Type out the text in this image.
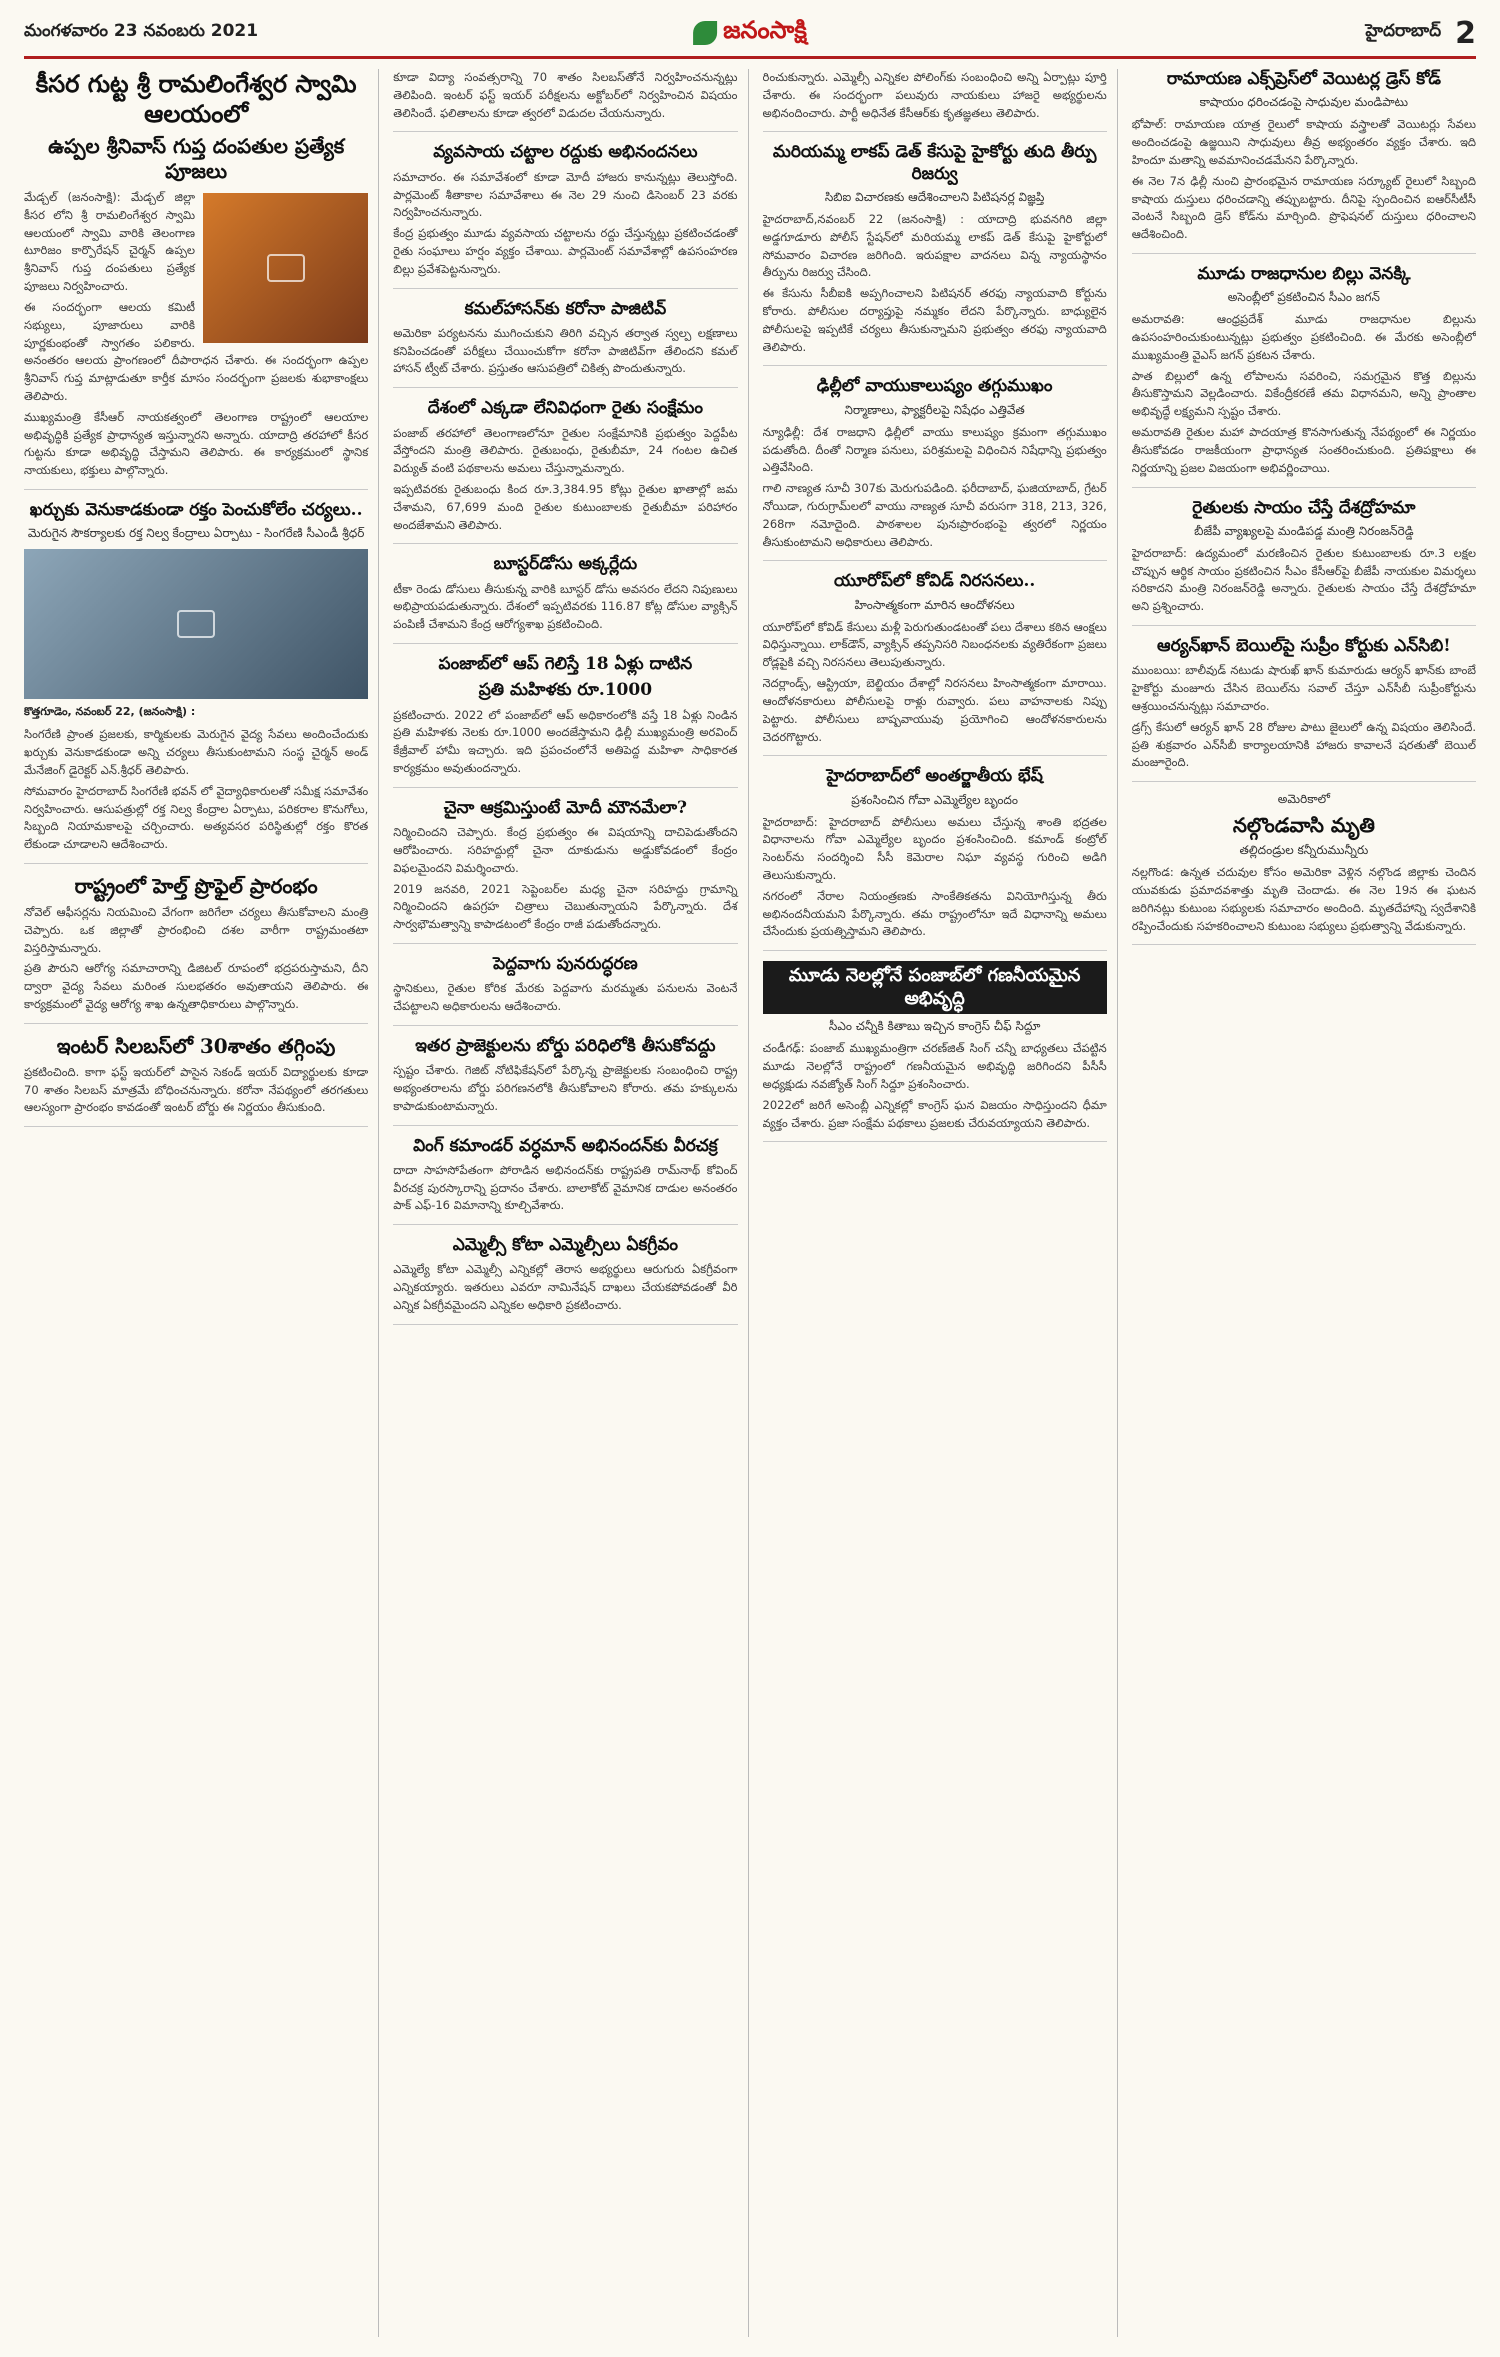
మంగళవారం 23 నవంబరు 2021	జనంసాక్షి	హైదరాబాద్ 2
కీసర గుట్ట శ్రీ రామలింగేశ్వర స్వామి ఆలయంలో
ఉప్పల శ్రీనివాస్ గుప్త దంపతుల ప్రత్యేక పూజలు

మేడ్చల్ (జనంసాక్షి): మేడ్చల్ జిల్లా కీసర లోని శ్రీ రామలింగేశ్వర స్వామి ఆలయంలో స్వామి వారికి తెలంగాణ టూరిజం కార్పొరేషన్ చైర్మన్ ఉప్పల శ్రీనివాస్ గుప్త దంపతులు ప్రత్యేక పూజలు నిర్వహించారు.

ఈ సందర్భంగా ఆలయ కమిటీ సభ్యులు, పూజారులు వారికి పూర్ణకుంభంతో స్వాగతం పలికారు. అనంతరం ఆలయ ప్రాంగణంలో దీపారాధన చేశారు. ఈ సందర్భంగా ఉప్పల శ్రీనివాస్ గుప్త మాట్లాడుతూ కార్తీక మాసం సందర్భంగా ప్రజలకు శుభాకాంక్షలు తెలిపారు.

ముఖ్యమంత్రి కేసీఆర్ నాయకత్వంలో తెలంగాణ రాష్ట్రంలో ఆలయాల అభివృద్ధికి ప్రత్యేక ప్రాధాన్యత ఇస్తున్నారని అన్నారు. యాదాద్రి తరహాలో కీసర గుట్టను కూడా అభివృద్ధి చేస్తామని తెలిపారు. ఈ కార్యక్రమంలో స్థానిక నాయకులు, భక్తులు పాల్గొన్నారు.

ఖర్చుకు వెనుకాడకుండా రక్తం పెంచుకోలేం చర్యలు..
మెరుగైన సౌకర్యాలకు రక్త నిల్వ కేంద్రాలు ఏర్పాటు - సింగరేణి సీఎండీ శ్రీధర్
కొత్తగూడెం, నవంబర్ 22, (జనంసాక్షి) :

సింగరేణి ప్రాంత ప్రజలకు, కార్మికులకు మెరుగైన వైద్య సేవలు అందించేందుకు ఖర్చుకు వెనుకాడకుండా అన్ని చర్యలు తీసుకుంటామని సంస్థ చైర్మన్ అండ్ మేనేజింగ్ డైరెక్టర్ ఎన్.శ్రీధర్ తెలిపారు.

సోమవారం హైదరాబాద్ సింగరేణి భవన్ లో వైద్యాధికారులతో సమీక్ష సమావేశం నిర్వహించారు. ఆసుపత్రుల్లో రక్త నిల్వ కేంద్రాల ఏర్పాటు, పరికరాల కొనుగోలు, సిబ్బంది నియామకాలపై చర్చించారు. అత్యవసర పరిస్థితుల్లో రక్తం కొరత లేకుండా చూడాలని ఆదేశించారు.

రాష్ట్రంలో హెల్త్ ప్రొఫైల్ ప్రారంభం

నోవెల్ ఆఫీసర్లను నియమించి వేగంగా జరిగేలా చర్యలు తీసుకోవాలని మంత్రి చెప్పారు. ఒక జిల్లాతో ప్రారంభించి దశల వారీగా రాష్ట్రమంతటా విస్తరిస్తామన్నారు.

ప్రతి పౌరుని ఆరోగ్య సమాచారాన్ని డిజిటల్ రూపంలో భద్రపరుస్తామని, దీని ద్వారా వైద్య సేవలు మరింత సులభతరం అవుతాయని తెలిపారు. ఈ కార్యక్రమంలో వైద్య ఆరోగ్య శాఖ ఉన్నతాధికారులు పాల్గొన్నారు.

ఇంటర్ సిలబస్‌లో 30శాతం తగ్గింపు

ప్రకటించింది. కాగా ఫస్ట్ ఇయర్‌లో పాసైన సెకండ్ ఇయర్ విద్యార్థులకు కూడా 70 శాతం సిలబస్ మాత్రమే బోధించనున్నారు. కరోనా నేపథ్యంలో తరగతులు ఆలస్యంగా ప్రారంభం కావడంతో ఇంటర్ బోర్డు ఈ నిర్ణయం తీసుకుంది.

కూడా విద్యా సంవత్సరాన్ని 70 శాతం సిలబస్‌తోనే నిర్వహించనున్నట్లు తెలిపింది. ఇంటర్ ఫస్ట్ ఇయర్ పరీక్షలను అక్టోబర్‌లో నిర్వహించిన విషయం తెలిసిందే. ఫలితాలను కూడా త్వరలో విడుదల చేయనున్నారు.

వ్యవసాయ చట్టాల రద్దుకు అభినందనలు

సమాచారం. ఈ సమావేశంలో కూడా మోదీ హాజరు కానున్నట్లు తెలుస్తోంది. పార్లమెంట్ శీతాకాల సమావేశాలు ఈ నెల 29 నుంచి డిసెంబర్ 23 వరకు నిర్వహించనున్నారు.

కేంద్ర ప్రభుత్వం మూడు వ్యవసాయ చట్టాలను రద్దు చేస్తున్నట్లు ప్రకటించడంతో రైతు సంఘాలు హర్షం వ్యక్తం చేశాయి. పార్లమెంట్ సమావేశాల్లో ఉపసంహరణ బిల్లు ప్రవేశపెట్టనున్నారు.

కమల్‌హాసన్‌కు కరోనా పాజిటివ్

అమెరికా పర్యటనను ముగించుకుని తిరిగి వచ్చిన తర్వాత స్వల్ప లక్షణాలు కనిపించడంతో పరీక్షలు చేయించుకోగా కరోనా పాజిటివ్‌గా తేలిందని కమల్ హాసన్ ట్వీట్ చేశారు. ప్రస్తుతం ఆసుపత్రిలో చికిత్స పొందుతున్నారు.

దేశంలో ఎక్కడా లేనివిధంగా రైతు సంక్షేమం

పంజాబ్ తరహాలో తెలంగాణలోనూ రైతుల సంక్షేమానికి ప్రభుత్వం పెద్దపీట వేస్తోందని మంత్రి తెలిపారు. రైతుబంధు, రైతుబీమా, 24 గంటల ఉచిత విద్యుత్ వంటి పథకాలను అమలు చేస్తున్నామన్నారు.

ఇప్పటివరకు రైతుబంధు కింద రూ.3,384.95 కోట్లు రైతుల ఖాతాల్లో జమ చేశామని, 67,699 మంది రైతుల కుటుంబాలకు రైతుబీమా పరిహారం అందజేశామని తెలిపారు.

బూస్టర్‌డోసు అక్కర్లేదు

టీకా రెండు డోసులు తీసుకున్న వారికి బూస్టర్ డోసు అవసరం లేదని నిపుణులు అభిప్రాయపడుతున్నారు. దేశంలో ఇప్పటివరకు 116.87 కోట్ల డోసుల వ్యాక్సిన్ పంపిణీ చేశామని కేంద్ర ఆరోగ్యశాఖ ప్రకటించింది.

పంజాబ్‌లో ఆప్ గెలిస్తే 18 ఏళ్లు దాటిన
ప్రతి మహిళకు రూ.1000

ప్రకటించారు. 2022 లో పంజాబ్‌లో ఆప్ అధికారంలోకి వస్తే 18 ఏళ్లు నిండిన ప్రతి మహిళకు నెలకు రూ.1000 అందజేస్తామని ఢిల్లీ ముఖ్యమంత్రి అరవింద్ కేజ్రీవాల్ హామీ ఇచ్చారు. ఇది ప్రపంచంలోనే అతిపెద్ద మహిళా సాధికారత కార్యక్రమం అవుతుందన్నారు.

చైనా ఆక్రమిస్తుంటే మోదీ మౌనమేలా?

నిర్మించిందని చెప్పారు. కేంద్ర ప్రభుత్వం ఈ విషయాన్ని దాచిపెడుతోందని ఆరోపించారు. సరిహద్దుల్లో చైనా దూకుడును అడ్డుకోవడంలో కేంద్రం విఫలమైందని విమర్శించారు.

2019 జనవరి, 2021 సెప్టెంబర్‌ల మధ్య చైనా సరిహద్దు గ్రామాన్ని నిర్మించిందని ఉపగ్రహ చిత్రాలు చెబుతున్నాయని పేర్కొన్నారు. దేశ సార్వభౌమత్వాన్ని కాపాడటంలో కేంద్రం రాజీ పడుతోందన్నారు.

పెద్దవాగు పునరుద్ధరణ

స్థానికులు, రైతుల కోరిక మేరకు పెద్దవాగు మరమ్మతు పనులను వెంటనే చేపట్టాలని అధికారులను ఆదేశించారు.

ఇతర ప్రాజెక్టులను బోర్డు పరిధిలోకి తీసుకోవద్దు

స్పష్టం చేశారు. గెజిట్ నోటిఫికేషన్‌లో పేర్కొన్న ప్రాజెక్టులకు సంబంధించి రాష్ట్ర అభ్యంతరాలను బోర్డు పరిగణనలోకి తీసుకోవాలని కోరారు. తమ హక్కులను కాపాడుకుంటామన్నారు.

వింగ్ కమాండర్ వర్ధమాన్ అభినందన్‌కు వీరచక్ర

దాదా సాహసోపేతంగా పోరాడిన అభినందన్‌కు రాష్ట్రపతి రామ్‌నాథ్ కోవింద్ వీరచక్ర పురస్కారాన్ని ప్రదానం చేశారు. బాలాకోట్ వైమానిక దాడుల అనంతరం పాక్ ఎఫ్-16 విమానాన్ని కూల్చివేశారు.

ఎమ్మెల్సీ కోటా ఎమ్మెల్సీలు ఏకగ్రీవం

ఎమ్మెల్యే కోటా ఎమ్మెల్సీ ఎన్నికల్లో తెరాస అభ్యర్థులు ఆరుగురు ఏకగ్రీవంగా ఎన్నికయ్యారు. ఇతరులు ఎవరూ నామినేషన్ దాఖలు చేయకపోవడంతో వీరి ఎన్నిక ఏకగ్రీవమైందని ఎన్నికల అధికారి ప్రకటించారు.

రించుకున్నారు. ఎమ్మెల్సీ ఎన్నికల పోలింగ్‌కు సంబంధించి అన్ని ఏర్పాట్లు పూర్తి చేశారు. ఈ సందర్భంగా పలువురు నాయకులు హాజరై అభ్యర్థులను అభినందించారు. పార్టీ అధినేత కేసీఆర్‌కు కృతజ్ఞతలు తెలిపారు.

మరియమ్మ లాకప్ డెత్ కేసుపై హైకోర్టు తుది తీర్పు రిజర్వు
సిబిఐ విచారణకు ఆదేశించాలని పిటిషనర్ల విజ్ఞప్తి

హైదరాబాద్,నవంబర్ 22 (జనంసాక్షి) : యాదాద్రి భువనగిరి జిల్లా అడ్డగూడూరు పోలీస్ స్టేషన్‌లో మరియమ్మ లాకప్ డెత్ కేసుపై హైకోర్టులో సోమవారం విచారణ జరిగింది. ఇరుపక్షాల వాదనలు విన్న న్యాయస్థానం తీర్పును రిజర్వు చేసింది.

ఈ కేసును సీబీఐకి అప్పగించాలని పిటిషనర్ తరఫు న్యాయవాది కోర్టును కోరారు. పోలీసుల దర్యాప్తుపై నమ్మకం లేదని పేర్కొన్నారు. బాధ్యులైన పోలీసులపై ఇప్పటికే చర్యలు తీసుకున్నామని ప్రభుత్వం తరఫు న్యాయవాది తెలిపారు.

ఢిల్లీలో వాయుకాలుష్యం తగ్గుముఖం
నిర్మాణాలు, ఫ్యాక్టరీలపై నిషేధం ఎత్తివేత

న్యూఢిల్లీ: దేశ రాజధాని ఢిల్లీలో వాయు కాలుష్యం క్రమంగా తగ్గుముఖం పడుతోంది. దీంతో నిర్మాణ పనులు, పరిశ్రమలపై విధించిన నిషేధాన్ని ప్రభుత్వం ఎత్తివేసింది.

గాలి నాణ్యత సూచీ 307కు మెరుగుపడింది. ఫరీదాబాద్, ఘజియాబాద్, గ్రేటర్ నోయిడా, గురుగ్రామ్‌లలో వాయు నాణ్యత సూచీ వరుసగా 318, 213, 326, 268గా నమోదైంది. పాఠశాలల పునఃప్రారంభంపై త్వరలో నిర్ణయం తీసుకుంటామని అధికారులు తెలిపారు.

యూరోప్‌లో కోవిడ్ నిరసనలు..
హింసాత్మకంగా మారిన ఆందోళనలు

యూరోప్‌లో కోవిడ్ కేసులు మళ్లీ పెరుగుతుండటంతో పలు దేశాలు కఠిన ఆంక్షలు విధిస్తున్నాయి. లాక్‌డౌన్, వ్యాక్సిన్ తప్పనిసరి నిబంధనలకు వ్యతిరేకంగా ప్రజలు రోడ్లపైకి వచ్చి నిరసనలు తెలుపుతున్నారు.

నెదర్లాండ్స్, ఆస్ట్రియా, బెల్జియం దేశాల్లో నిరసనలు హింసాత్మకంగా మారాయి. ఆందోళనకారులు పోలీసులపై రాళ్లు రువ్వారు. పలు వాహనాలకు నిప్పు పెట్టారు. పోలీసులు బాష్పవాయువు ప్రయోగించి ఆందోళనకారులను చెదరగొట్టారు.

హైదరాబాద్‌లో అంతర్జాతీయ భేష్
ప్రశంసించిన గోవా ఎమ్మెల్యేల బృందం

హైదరాబాద్: హైదరాబాద్ పోలీసులు అమలు చేస్తున్న శాంతి భద్రతల విధానాలను గోవా ఎమ్మెల్యేల బృందం ప్రశంసించింది. కమాండ్ కంట్రోల్ సెంటర్‌ను సందర్శించి సీసీ కెమెరాల నిఘా వ్యవస్థ గురించి అడిగి తెలుసుకున్నారు.

నగరంలో నేరాల నియంత్రణకు సాంకేతికతను వినియోగిస్తున్న తీరు అభినందనీయమని పేర్కొన్నారు. తమ రాష్ట్రంలోనూ ఇదే విధానాన్ని అమలు చేసేందుకు ప్రయత్నిస్తామని తెలిపారు.

మూడు నెలల్లోనే పంజాబ్‌లో గణనీయమైన అభివృద్ధి
సీఎం చన్నీకి కితాబు ఇచ్చిన కాంగ్రెస్ చీఫ్ సిద్దూ

చండీగఢ్: పంజాబ్ ముఖ్యమంత్రిగా చరణ్‌జిత్ సింగ్ చన్నీ బాధ్యతలు చేపట్టిన మూడు నెలల్లోనే రాష్ట్రంలో గణనీయమైన అభివృద్ధి జరిగిందని పీసీసీ అధ్యక్షుడు నవజ్యోత్ సింగ్ సిద్దూ ప్రశంసించారు.

2022లో జరిగే అసెంబ్లీ ఎన్నికల్లో కాంగ్రెస్ ఘన విజయం సాధిస్తుందని ధీమా వ్యక్తం చేశారు. ప్రజా సంక్షేమ పథకాలు ప్రజలకు చేరువయ్యాయని తెలిపారు.

రామాయణ ఎక్స్‌ప్రెస్‌లో వెయిటర్ల డ్రెస్ కోడ్
కాషాయం ధరించడంపై సాధువుల మండిపాటు

భోపాల్: రామాయణ యాత్ర రైలులో కాషాయ వస్త్రాలతో వెయిటర్లు సేవలు అందించడంపై ఉజ్జయిని సాధువులు తీవ్ర అభ్యంతరం వ్యక్తం చేశారు. ఇది హిందూ మతాన్ని అవమానించడమేనని పేర్కొన్నారు.

ఈ నెల 7న ఢిల్లీ నుంచి ప్రారంభమైన రామాయణ సర్క్యూట్ రైలులో సిబ్బంది కాషాయ దుస్తులు ధరించడాన్ని తప్పుబట్టారు. దీనిపై స్పందించిన ఐఆర్‌సీటీసీ వెంటనే సిబ్బంది డ్రెస్ కోడ్‌ను మార్చింది. ప్రొఫెషనల్ దుస్తులు ధరించాలని ఆదేశించింది.

మూడు రాజధానుల బిల్లు వెనక్కి
అసెంబ్లీలో ప్రకటించిన సీఎం జగన్

అమరావతి: ఆంధ్రప్రదేశ్ మూడు రాజధానుల బిల్లును ఉపసంహరించుకుంటున్నట్లు ప్రభుత్వం ప్రకటించింది. ఈ మేరకు అసెంబ్లీలో ముఖ్యమంత్రి వైఎస్ జగన్ ప్రకటన చేశారు.

పాత బిల్లులో ఉన్న లోపాలను సవరించి, సమగ్రమైన కొత్త బిల్లును తీసుకొస్తామని వెల్లడించారు. వికేంద్రీకరణే తమ విధానమని, అన్ని ప్రాంతాల అభివృద్ధే లక్ష్యమని స్పష్టం చేశారు.

అమరావతి రైతుల మహా పాదయాత్ర కొనసాగుతున్న నేపథ్యంలో ఈ నిర్ణయం తీసుకోవడం రాజకీయంగా ప్రాధాన్యత సంతరించుకుంది. ప్రతిపక్షాలు ఈ నిర్ణయాన్ని ప్రజల విజయంగా అభివర్ణించాయి.

రైతులకు సాయం చేస్తే దేశద్రోహమా
బీజేపీ వ్యాఖ్యలపై మండిపడ్డ మంత్రి నిరంజన్‌రెడ్డి

హైదరాబాద్: ఉద్యమంలో మరణించిన రైతుల కుటుంబాలకు రూ.3 లక్షల చొప్పున ఆర్థిక సాయం ప్రకటించిన సీఎం కేసీఆర్‌పై బీజేపీ నాయకుల విమర్శలు సరికాదని మంత్రి నిరంజన్‌రెడ్డి అన్నారు. రైతులకు సాయం చేస్తే దేశద్రోహమా అని ప్రశ్నించారు.

ఆర్యన్‌ఖాన్ బెయిల్‌పై సుప్రీం కోర్టుకు ఎన్‌సిబి!

ముంబయి: బాలీవుడ్ నటుడు షారుఖ్ ఖాన్ కుమారుడు ఆర్యన్ ఖాన్‌కు బాంబే హైకోర్టు మంజూరు చేసిన బెయిల్‌ను సవాల్ చేస్తూ ఎన్‌సీబీ సుప్రీంకోర్టును ఆశ్రయించనున్నట్లు సమాచారం.

డ్రగ్స్ కేసులో ఆర్యన్ ఖాన్ 28 రోజుల పాటు జైలులో ఉన్న విషయం తెలిసిందే. ప్రతి శుక్రవారం ఎన్‌సీబీ కార్యాలయానికి హాజరు కావాలనే షరతుతో బెయిల్ మంజూరైంది.

అమెరికాలో
నల్గొండవాసి మృతి
తల్లిదండ్రుల కన్నీరుమున్నీరు

నల్లగొండ: ఉన్నత చదువుల కోసం అమెరికా వెళ్లిన నల్గొండ జిల్లాకు చెందిన యువకుడు ప్రమాదవశాత్తు మృతి చెందాడు. ఈ నెల 19న ఈ ఘటన జరిగినట్లు కుటుంబ సభ్యులకు సమాచారం అందింది. మృతదేహాన్ని స్వదేశానికి రప్పించేందుకు సహకరించాలని కుటుంబ సభ్యులు ప్రభుత్వాన్ని వేడుకున్నారు.
